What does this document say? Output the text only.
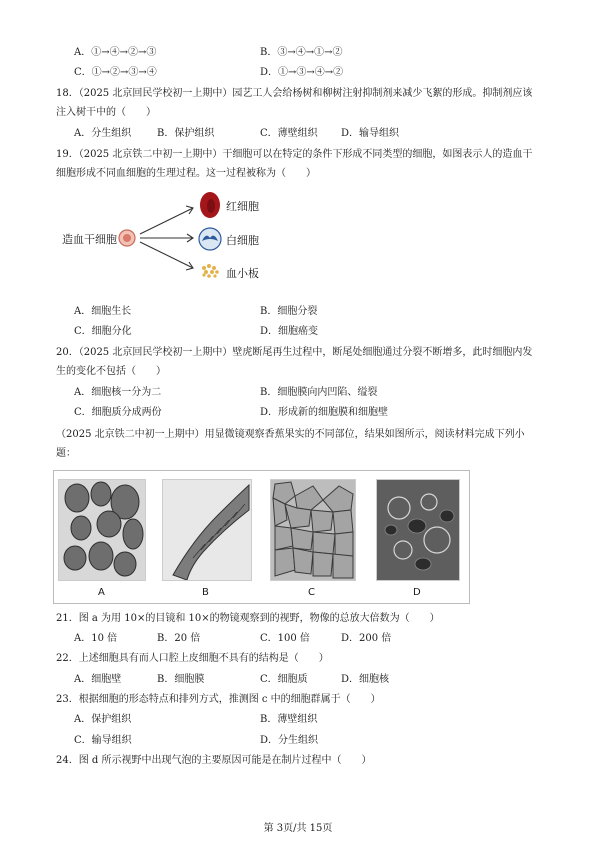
A．①→④→②→③	B．③→④→①→②
C．①→②→③→④	D．①→③→④→②
18．（2025 北京回民学校初一上期中）园艺工人会给杨树和柳树注射抑制剂来减少飞絮的形成。抑制剂应该
注入树干中的（　　）
A．分生组织	B．保护组织	C．薄壁组织 D．输导组织
19．（2025 北京铁二中初一上期中）干细胞可以在特定的条件下形成不同类型的细胞，如图表示人的造血干
细胞形成不同血细胞的生理过程。这一过程被称为（　　）
造血干细胞
红细胞
白细胞
血小板
A．细胞生长	B．细胞分裂
C．细胞分化	D．细胞癌变
20．（2025 北京回民学校初一上期中）壁虎断尾再生过程中，断尾处细胞通过分裂不断增多，此时细胞内发
生的变化不包括（　　）
A．细胞核一分为二	B．细胞膜向内凹陷、缢裂
C．细胞质分成两份	D．形成新的细胞膜和细胞壁
（2025 北京铁二中初一上期中）用显微镜观察香蕉果实的不同部位，结果如图所示，阅读材料完成下列小
题：
A	B	C	D
21．图 a 为用 10×的目镜和 10×的物镜观察到的视野，物像的总放大倍数为（　　）
A．10 倍	B．20 倍	C．100 倍	D．200 倍
22．上述细胞具有而人口腔上皮细胞不具有的结构是（　　）
A．细胞壁	B．细胞膜	C．细胞质	D．细胞核
23．根据细胞的形态特点和排列方式，推测图 c 中的细胞群属于（　　）
A．保护组织	B．薄壁组织
C．输导组织	D．分生组织
24．图 d 所示视野中出现气泡的主要原因可能是在制片过程中（　　）
第 3页/共 15页
